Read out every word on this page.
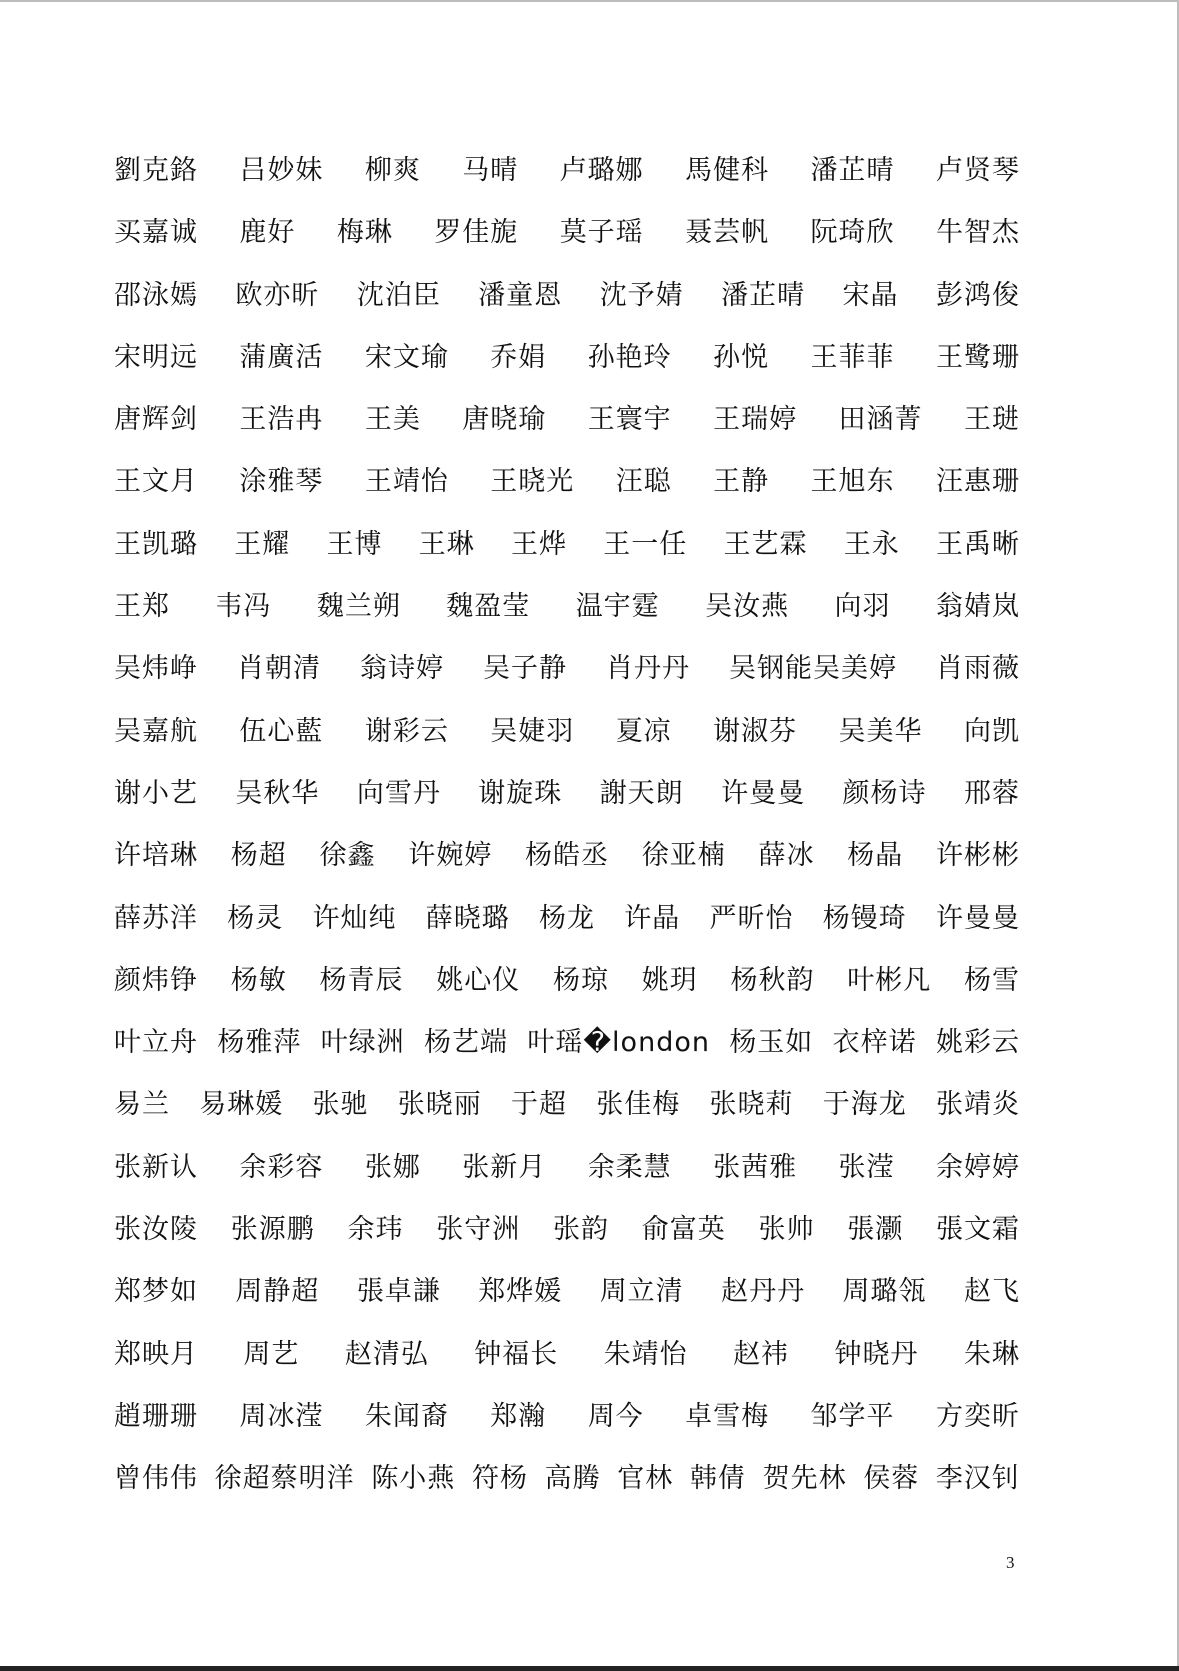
劉克鉻 吕妙妹 柳爽 马晴 卢璐娜 馬健科 潘芷晴 卢贤琴
买嘉诚 鹿好 梅琳 罗佳旎 莫子瑶 聂芸帆 阮琦欣 牛智杰
邵泳嫣 欧亦昕 沈泊臣 潘童恩 沈予婧 潘芷晴 宋晶 彭鸿俊
宋明远 蒲廣活 宋文瑜 乔娟 孙艳玲 孙悦 王菲菲 王鹭珊
唐辉剑 王浩冉 王美 唐晓瑜 王寰宇 王瑞婷 田涵菁 王琎
王文月 涂雅琴 王靖怡 王晓光 汪聪 王静 王旭东 汪惠珊
王凯璐 王耀 王博 王琳 王烨 王一任 王艺霖 王永 王禹晰
王郑 韦冯 魏兰朔 魏盈莹 温宇霆 吴汝燕 向羽 翁婧岚
吴炜峥 肖朝清 翁诗婷 吴子静 肖丹丹 吴钢能吴美婷 肖雨薇
吴嘉航 伍心藍 谢彩云 吴婕羽 夏凉 谢淑芬 吴美华 向凯
谢小艺 吴秋华 向雪丹 谢旋珠 謝天朗 许曼曼 颜杨诗 邢蓉
许培琳 杨超 徐鑫 许婉婷 杨皓丞 徐亚楠 薛冰 杨晶 许彬彬
薛苏洋 杨灵 许灿纯 薛晓璐 杨龙 许晶 严昕怡 杨镘琦 许曼曼
颜炜铮 杨敏 杨青辰 姚心仪 杨琼 姚玥 杨秋韵 叶彬凡 杨雪
叶立舟 杨雅萍 叶绿洲 杨艺端 叶瑶�london 杨玉如 衣梓诺 姚彩云
易兰 易琳媛 张驰 张晓丽 于超 张佳梅 张晓莉 于海龙 张靖炎
张新认 余彩容 张娜 张新月 余柔慧 张茜雅 张滢 余婷婷
张汝陵 张源鹏 余玮 张守洲 张韵 俞富英 张帅 張灏 張文霜
郑梦如 周静超 張卓謙 郑烨媛 周立清 赵丹丹 周璐瓴 赵飞
郑映月 周艺 赵清弘 钟福长 朱靖怡 赵祎 钟晓丹 朱琳
趙珊珊 周冰滢 朱闻裔 郑瀚 周今 卓雪梅 邹学平 方奕昕
曾伟伟 徐超蔡明洋 陈小燕 符杨 高腾 官林 韩倩 贺先林 侯蓉 李汉钊
3
